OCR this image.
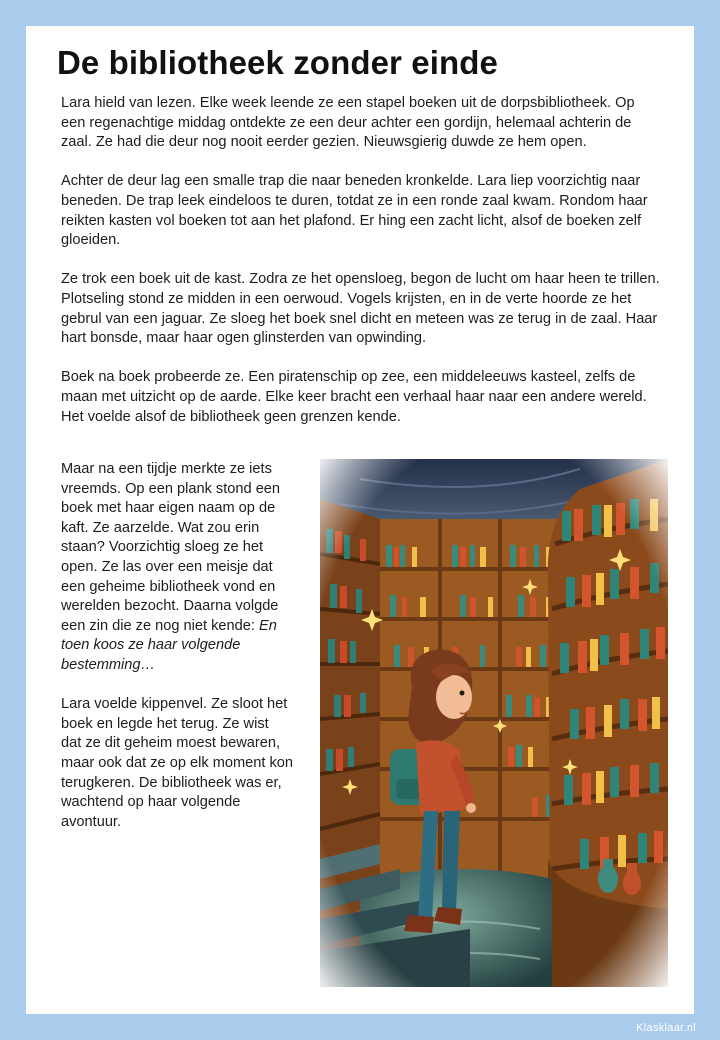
De bibliotheek zonder einde

Lara hield van lezen. Elke week leende ze een stapel boeken uit de dorpsbibliotheek. Op een regenachtige middag ontdekte ze een deur achter een gordijn, helemaal achterin de zaal. Ze had die deur nog nooit eerder gezien. Nieuwsgierig duwde ze hem open.

Achter de deur lag een smalle trap die naar beneden kronkelde. Lara liep voorzichtig naar beneden. De trap leek eindeloos te duren, totdat ze in een ronde zaal kwam. Rondom haar reikten kasten vol boeken tot aan het plafond. Er hing een zacht licht, alsof de boeken zelf gloeiden.

Ze trok een boek uit de kast. Zodra ze het opensloeg, begon de lucht om haar heen te trillen. Plotseling stond ze midden in een oerwoud. Vogels krijsten, en in de verte hoorde ze het gebrul van een jaguar. Ze sloeg het boek snel dicht en meteen was ze terug in de zaal. Haar hart bonsde, maar haar ogen glinsterden van opwinding.

Boek na boek probeerde ze. Een piratenschip op zee, een middeleeuws kasteel, zelfs de maan met uitzicht op de aarde. Elke keer bracht een verhaal haar naar een andere wereld. Het voelde alsof de bibliotheek geen grenzen kende.

Maar na een tijdje merkte ze iets vreemds. Op een plank stond een boek met haar eigen naam op de kaft. Ze aarzelde. Wat zou erin staan? Voorzichtig sloeg ze het open. Ze las over een meisje dat een geheime bibliotheek vond en werelden bezocht. Daarna volgde een zin die ze nog niet kende: En toen koos ze haar volgende bestemming…

Lara voelde kippenvel. Ze sloot het boek en legde het terug. Ze wist dat ze dit geheim moest bewaren, maar ook dat ze op elk moment kon terugkeren. De bibliotheek was er, wachtend op haar volgende avontuur.

Klasklaar.nl
